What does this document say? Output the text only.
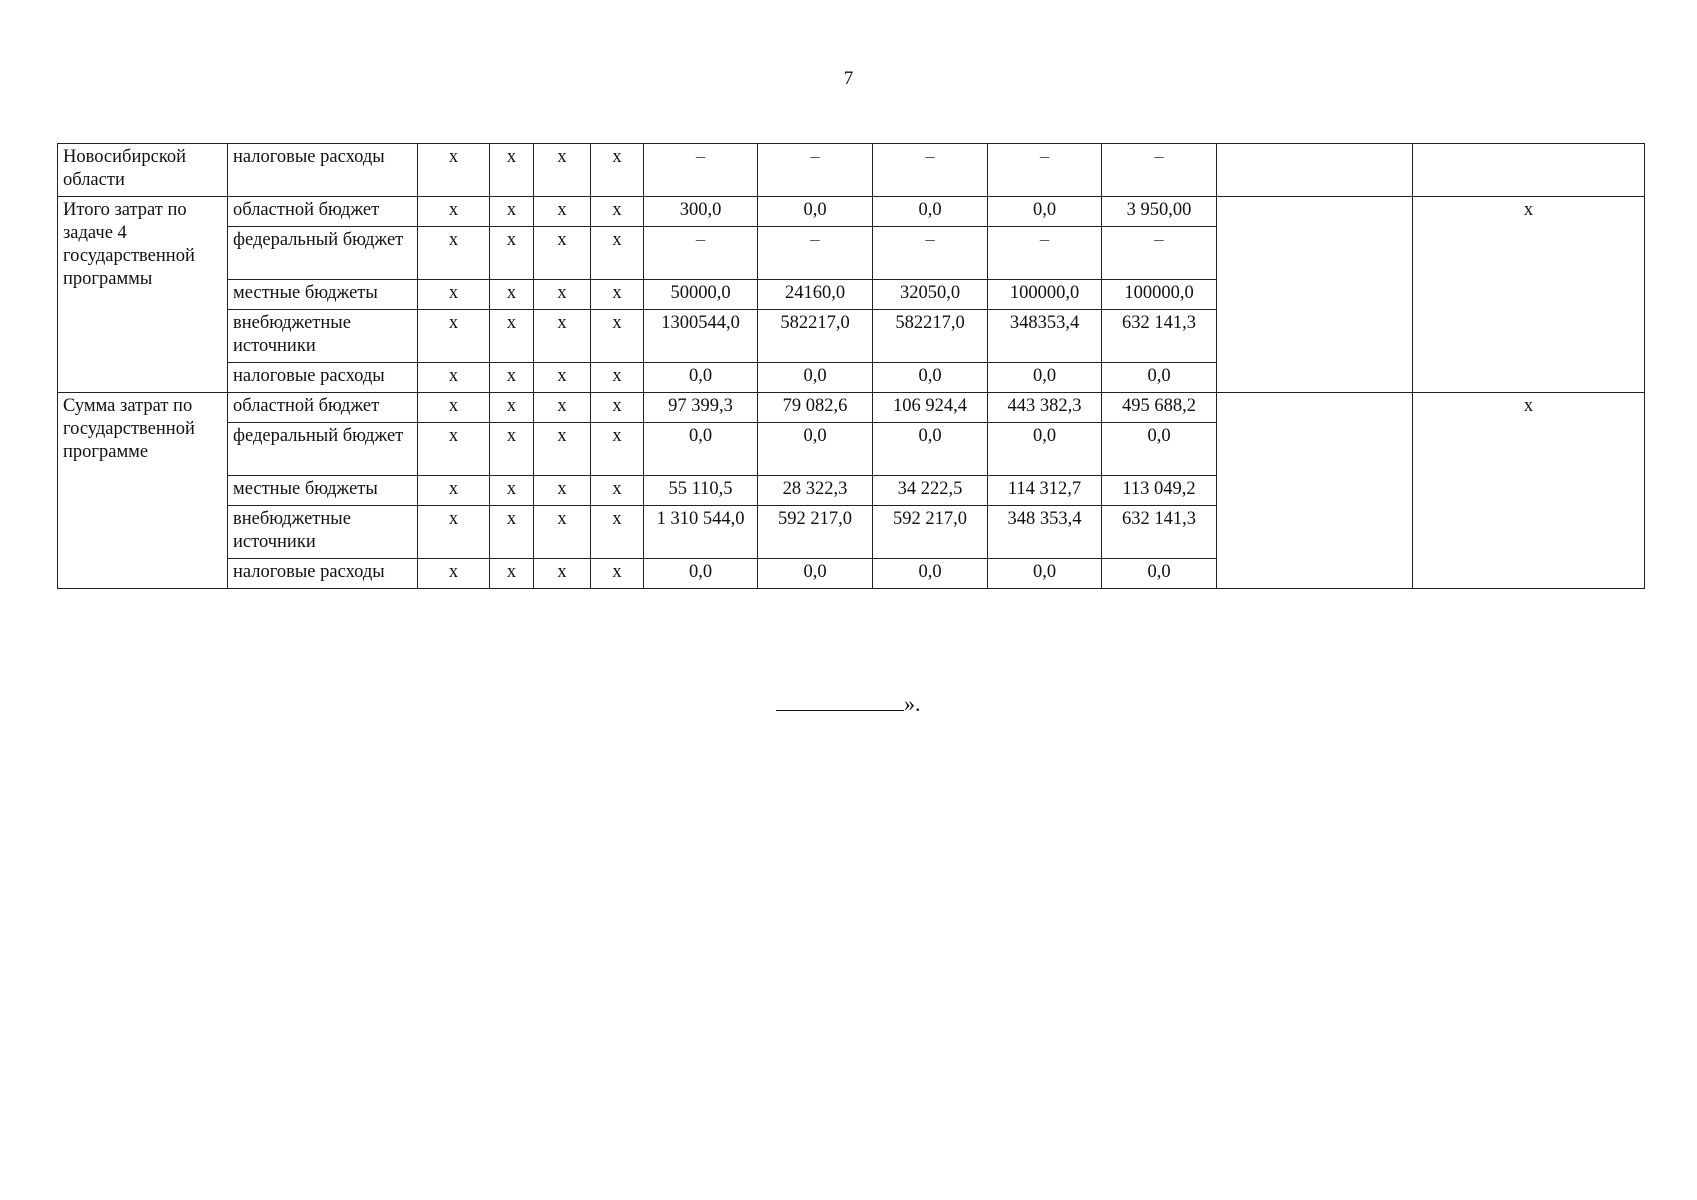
7
Новосибирской области	налоговые расходы	х	х	х	х	–	–	–	–	–		
Итого затрат по задаче 4 государственной программы	областной бюджет	х	х	х	х	300,0	0,0	0,0	0,0	3 950,00		х
	федеральный бюджет	х	х	х	х	–	–	–	–	–		
	местные бюджеты	х	х	х	х	50000,0	24160,0	32050,0	100000,0	100000,0		
	внебюджетные источники	х	х	х	х	1300544,0	582217,0	582217,0	348353,4	632 141,3		
	налоговые расходы	х	х	х	х	0,0	0,0	0,0	0,0	0,0		
Сумма затрат по государственной программе	областной бюджет	х	х	х	х	97 399,3	79 082,6	106 924,4	443 382,3	495 688,2		х
	федеральный бюджет	х	х	х	х	0,0	0,0	0,0	0,0	0,0		
	местные бюджеты	х	х	х	х	55 110,5	28 322,3	34 222,5	114 312,7	113 049,2		
	внебюджетные источники	х	х	х	х	1 310 544,0	592 217,0	592 217,0	348 353,4	632 141,3		
	налоговые расходы	х	х	х	х	0,0	0,0	0,0	0,0	0,0		
».
